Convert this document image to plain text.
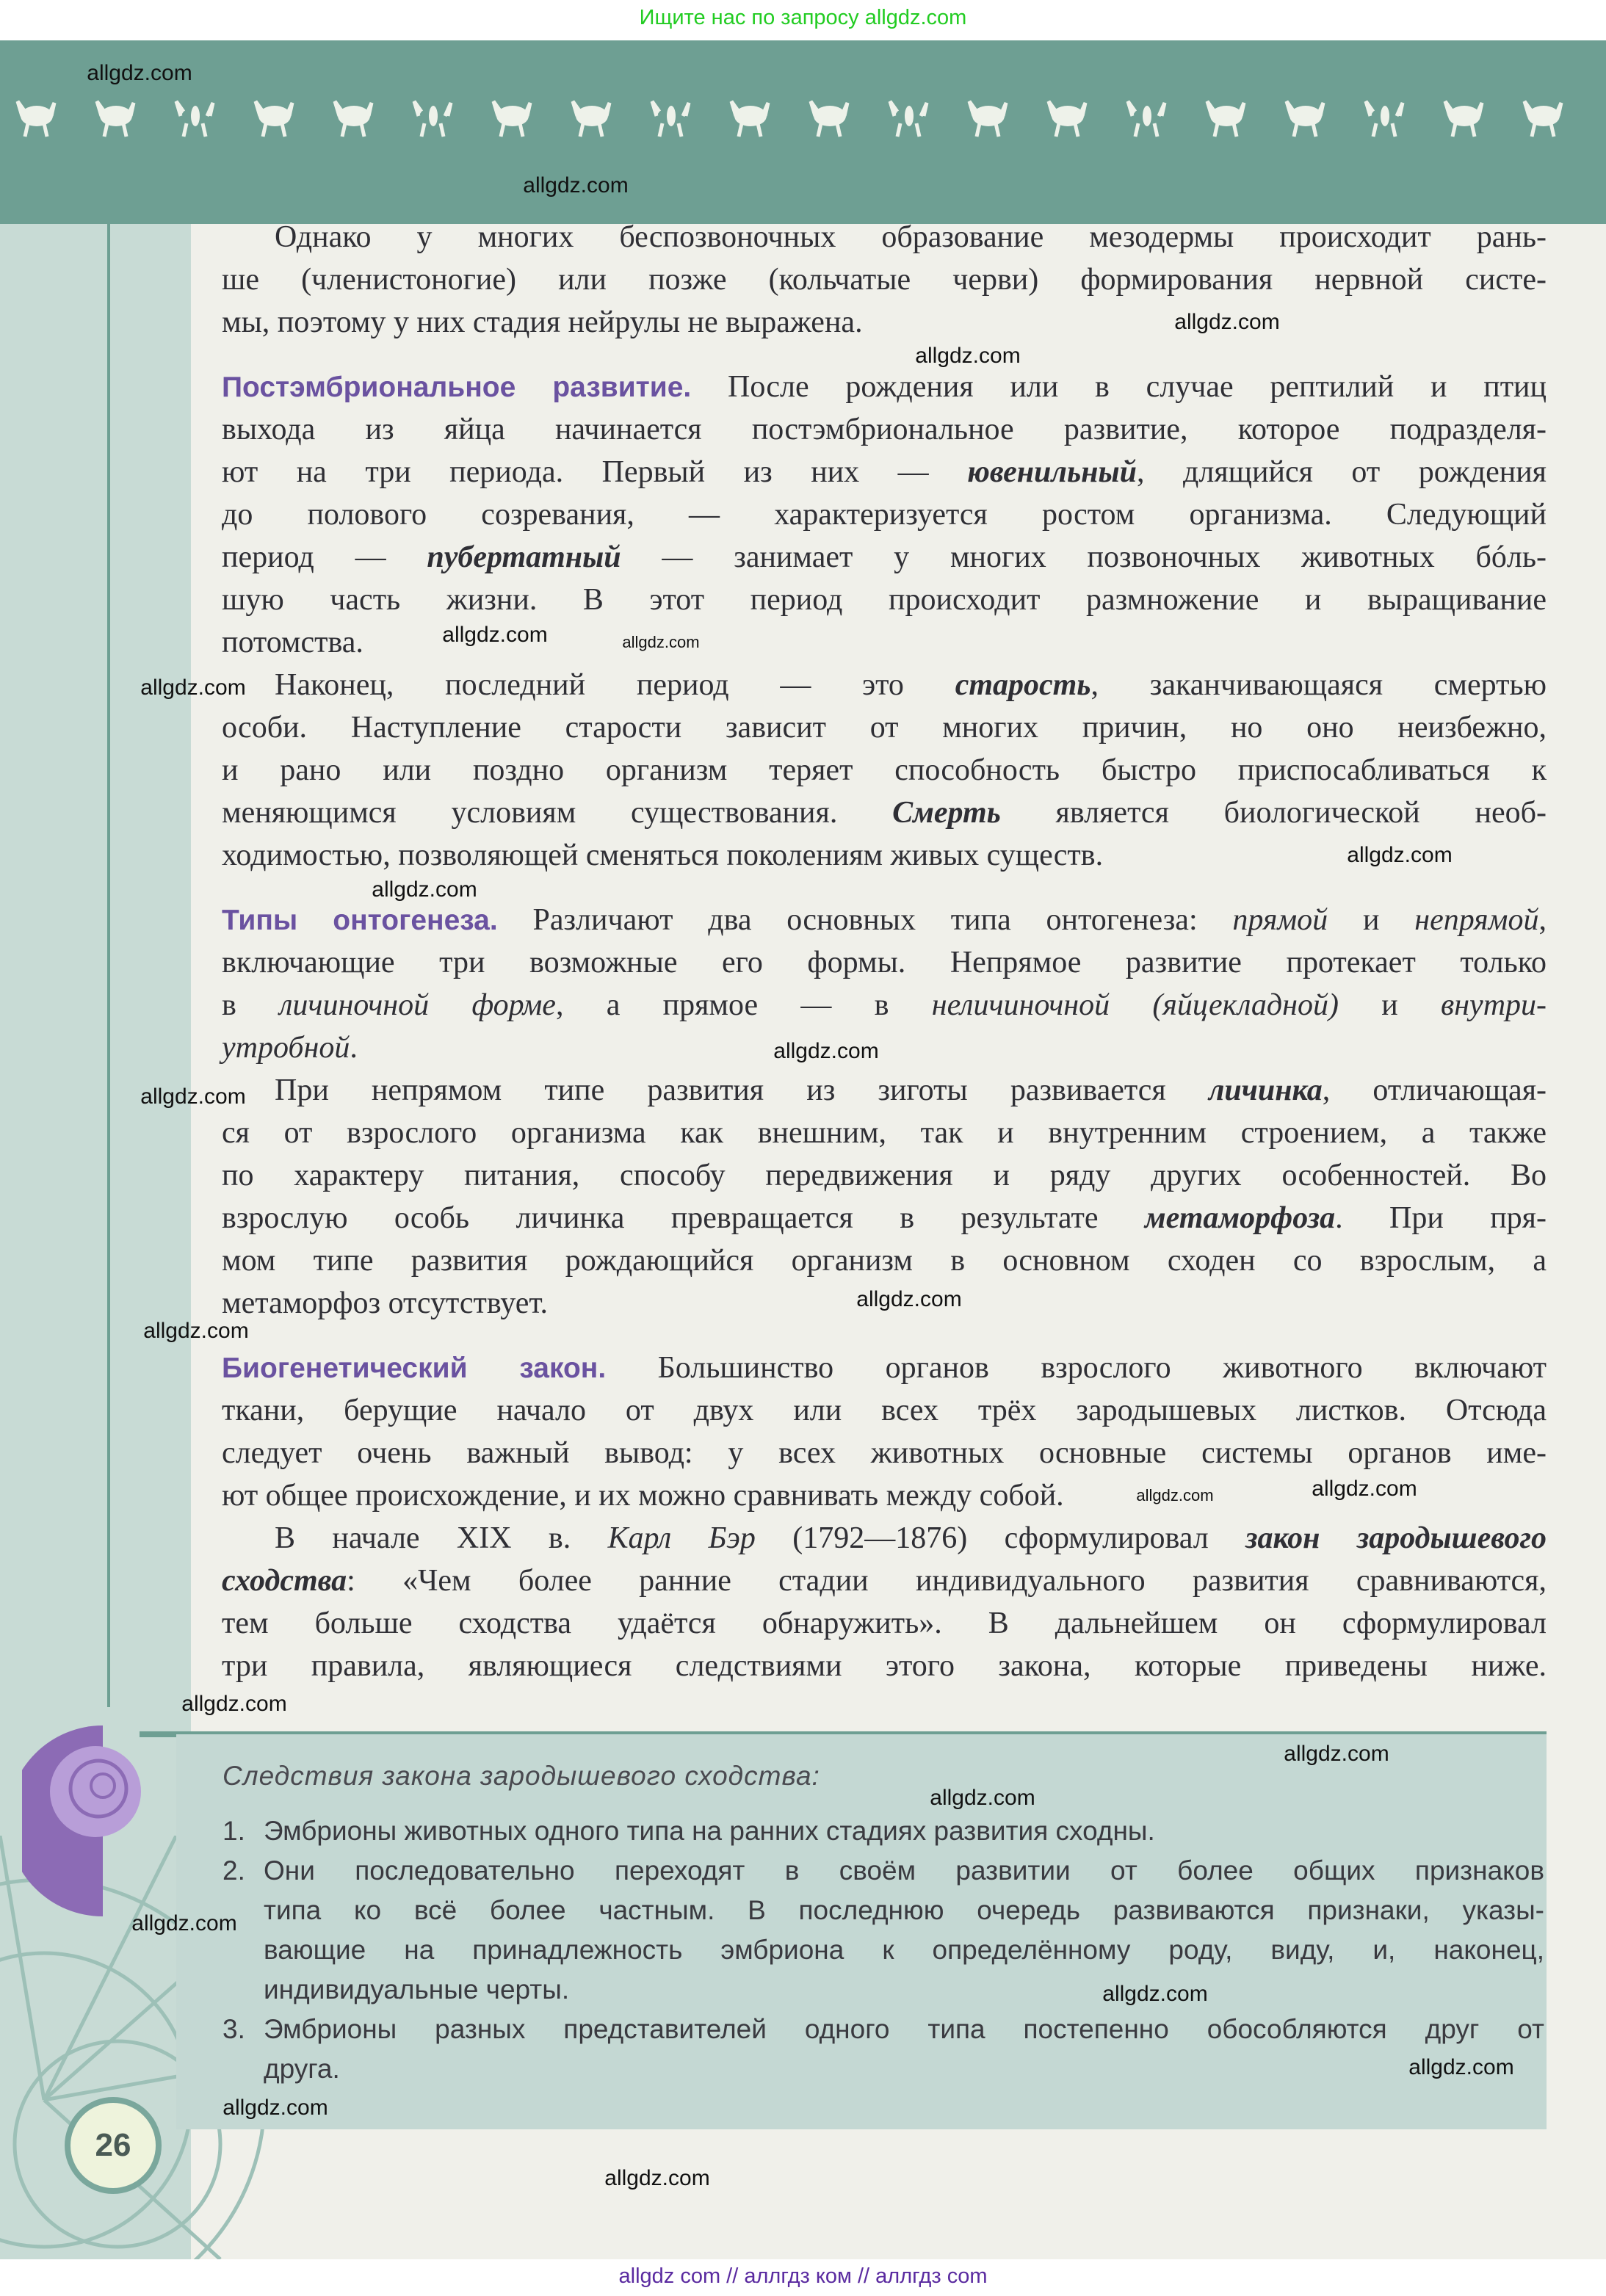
Ищите нас по запросу allgdz.com
Однако у многих беспозвоночных образование мезодермы происходит рань-
ше (членистоногие) или позже (кольчатые черви) формирования нервной систе-
мы, поэтому у них стадия нейрулы не выражена.
Постэмбриональное развитие. После рождения или в случае рептилий и птиц
выхода из яйца начинается постэмбриональное развитие, которое подразделя-
ют на три периода. Первый из них — ювенильный, длящийся от рождения
до полового созревания, — характеризуется ростом организма. Следующий
период — пубертатный — занимает у многих позвоночных животных бóль-
шую часть жизни. В этот период происходит размножение и выращивание
потомства.
Наконец, последний период — это старость, заканчивающаяся смертью
особи. Наступление старости зависит от многих причин, но оно неизбежно,
и рано или поздно организм теряет способность быстро приспосабливаться к
меняющимся условиям существования. Смерть является биологической необ-
ходимостью, позволяющей сменяться поколениям живых существ.
Типы онтогенеза. Различают два основных типа онтогенеза: прямой и непрямой,
включающие три возможные его формы. Непрямое развитие протекает только
в личиночной форме, а прямое — в неличиночной (яйцекладной) и внутри-
утробной.
При непрямом типе развития из зиготы развивается личинка, отличающая-
ся от взрослого организма как внешним, так и внутренним строением, а также
по характеру питания, способу передвижения и ряду других особенностей. Во
взрослую особь личинка превращается в результате метаморфоза. При пря-
мом типе развития рождающийся организм в основном сходен со взрослым, а
метаморфоз отсутствует.
Биогенетический закон. Большинство органов взрослого животного включают
ткани, берущие начало от двух или всех трёх зародышевых листков. Отсюда
следует очень важный вывод: у всех животных основные системы органов име-
ют общее происхождение, и их можно сравнивать между собой.
В начале XIX в. Карл Бэр (1792—1876) сформулировал закон зародышевого
сходства: «Чем более ранние стадии индивидуального развития сравниваются,
тем больше сходства удаётся обнаружить». В дальнейшем он сформулировал
три правила, являющиеся следствиями этого закона, которые приведены ниже.
Следствия закона зародышевого сходства:
1. Эмбрионы животных одного типа на ранних стадиях развития сходны.
2. Они последовательно переходят в своём развитии от более общих признаков
типа ко всё более частным. В последнюю очередь развиваются признаки, указы-
вающие на принадлежность эмбриона к определённому роду, виду, и, наконец,
индивидуальные черты.
3. Эмбрионы разных представителей одного типа постепенно обособляются друг от
друга.
26
allgdz.com
allgdz.com
allgdz.com
allgdz.com
allgdz.com
allgdz.com
allgdz.com
allgdz.com
allgdz.com
allgdz.com
allgdz.com
allgdz.com
allgdz.com
allgdz.com	allgdz.com
allgdz.com
allgdz.com
allgdz.com
allgdz.com
allgdz.com
allgdz.com
allgdz.com
allgdz.com
allgdz com // аллгдз ком // аллгдз com
